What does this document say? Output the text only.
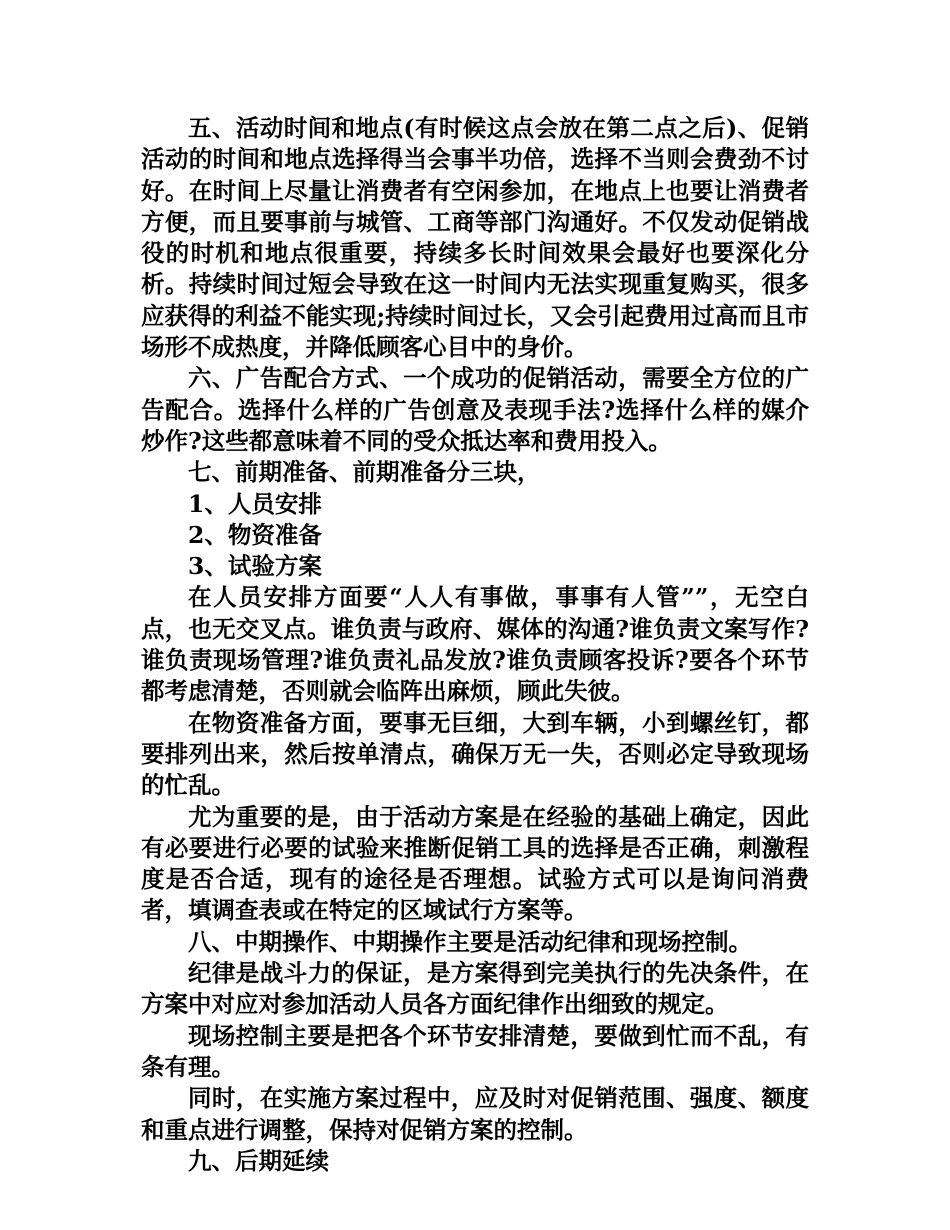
五、活动时间和地点(有时候这点会放在第二点之后)、促销活动的时间和地点选择得当会事半功倍，选择不当则会费劲不讨好。在时间上尽量让消费者有空闲参加，在地点上也要让消费者方便，而且要事前与城管、工商等部门沟通好。不仅发动促销战役的时机和地点很重要，持续多长时间效果会最好也要深化分析。持续时间过短会导致在这一时间内无法实现重复购买，很多应获得的利益不能实现;持续时间过长，又会引起费用过高而且市场形不成热度，并降低顾客心目中的身价。

六、广告配合方式、一个成功的促销活动，需要全方位的广告配合。选择什么样的广告创意及表现手法?选择什么样的媒介炒作?这些都意味着不同的受众抵达率和费用投入。

七、前期准备、前期准备分三块，

1、人员安排

2、物资准备

3、试验方案

在人员安排方面要“人人有事做，事事有人管””，无空白点，也无交叉点。谁负责与政府、媒体的沟通?谁负责文案写作?谁负责现场管理?谁负责礼品发放?谁负责顾客投诉?要各个环节都考虑清楚，否则就会临阵出麻烦，顾此失彼。

在物资准备方面，要事无巨细，大到车辆，小到螺丝钉，都要排列出来，然后按单清点，确保万无一失，否则必定导致现场的忙乱。

尤为重要的是，由于活动方案是在经验的基础上确定，因此有必要进行必要的试验来推断促销工具的选择是否正确，刺激程度是否合适，现有的途径是否理想。试验方式可以是询问消费者，填调查表或在特定的区域试行方案等。

八、中期操作、中期操作主要是活动纪律和现场控制。

纪律是战斗力的保证，是方案得到完美执行的先决条件，在方案中对应对参加活动人员各方面纪律作出细致的规定。

现场控制主要是把各个环节安排清楚，要做到忙而不乱，有条有理。

同时，在实施方案过程中，应及时对促销范围、强度、额度和重点进行调整，保持对促销方案的控制。

九、后期延续
